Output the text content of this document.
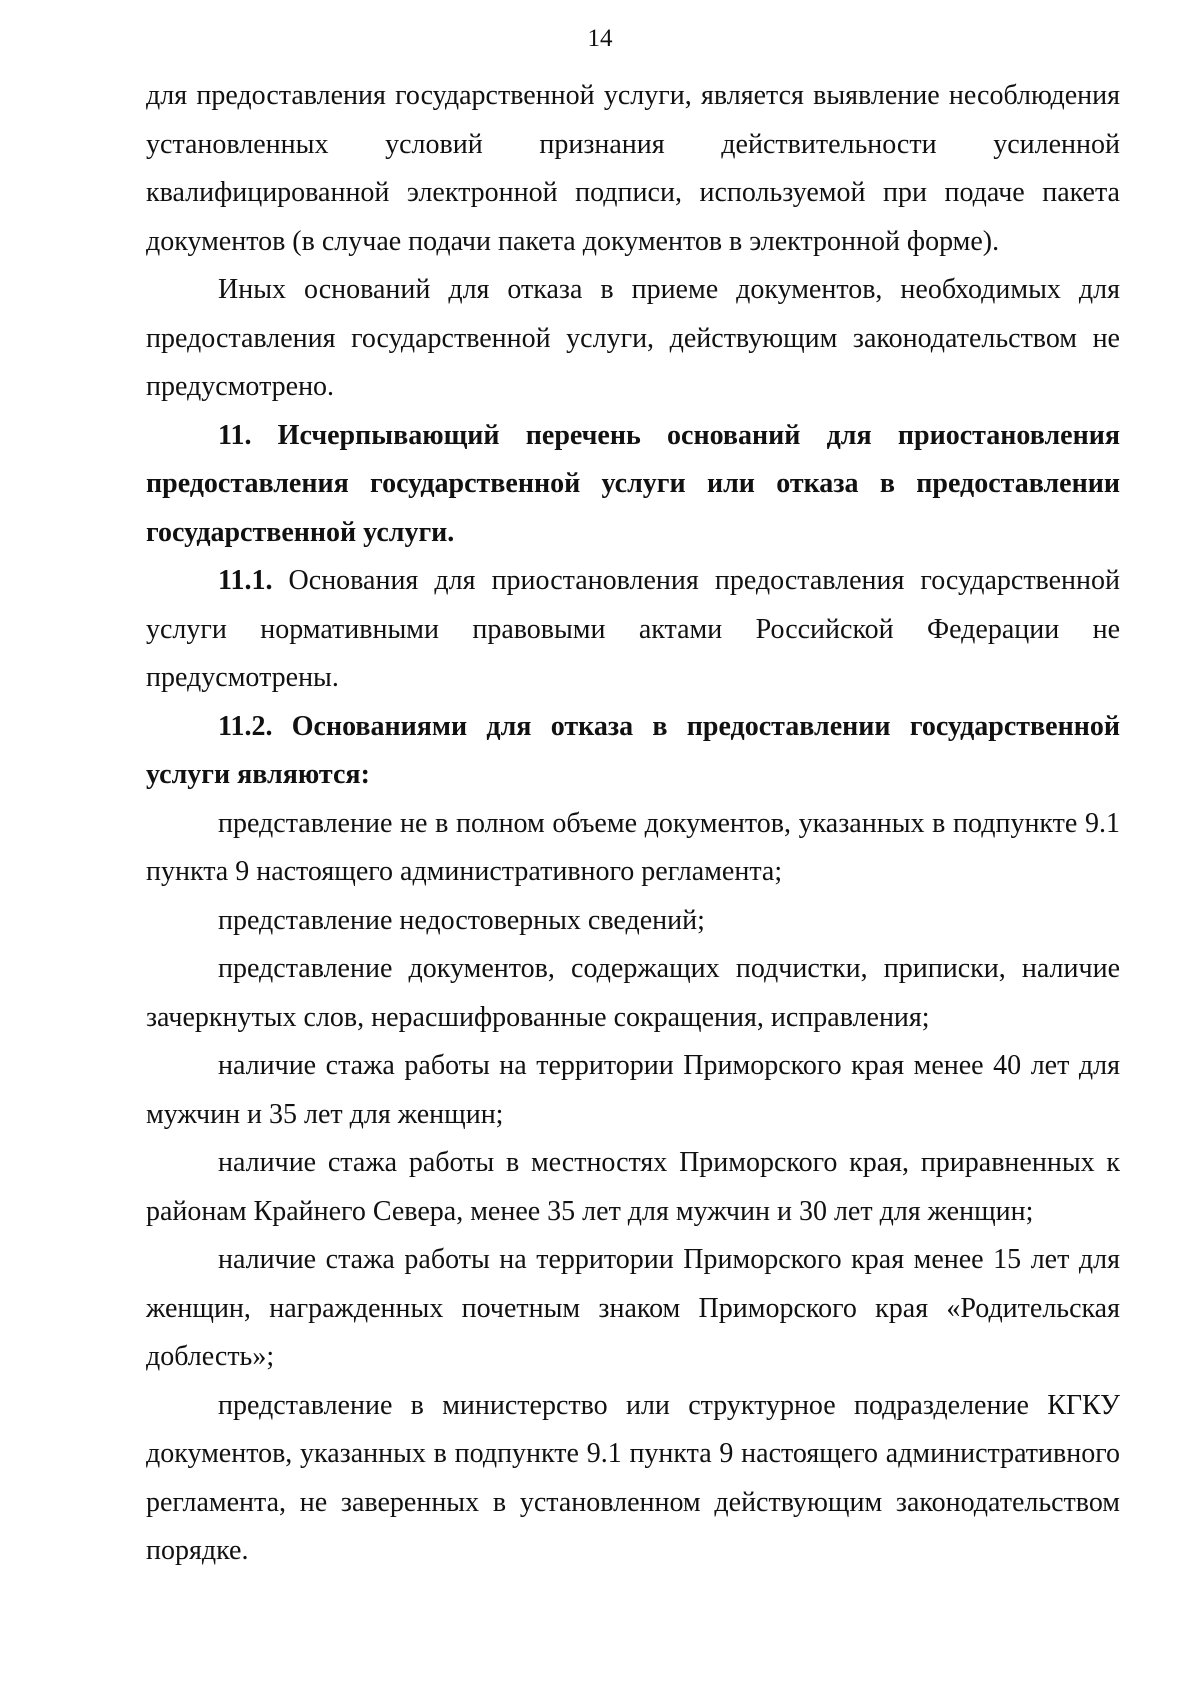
14

для предоставления государственной услуги, является выявление несоблюдения установленных условий признания действительности усиленной квалифицированной электронной подписи, используемой при подаче пакета документов (в случае подачи пакета документов в электронной форме).

Иных оснований для отказа в приеме документов, необходимых для предоставления государственной услуги, действующим законодательством не предусмотрено.

11. Исчерпывающий перечень оснований для приостановления предоставления государственной услуги или отказа в предоставлении государственной услуги.

11.1. Основания для приостановления предоставления государственной услуги нормативными правовыми актами Российской Федерации не предусмотрены.

11.2. Основаниями для отказа в предоставлении государственной услуги являются:

представление не в полном объеме документов, указанных в подпункте 9.1 пункта 9 настоящего административного регламента;

представление недостоверных сведений;

представление документов, содержащих подчистки, приписки, наличие зачеркнутых слов, нерасшифрованные сокращения, исправления;

наличие стажа работы на территории Приморского края менее 40 лет для мужчин и 35 лет для женщин;

наличие стажа работы в местностях Приморского края, приравненных к районам Крайнего Севера, менее 35 лет для мужчин и 30 лет для женщин;

наличие стажа работы на территории Приморского края менее 15 лет для женщин, награжденных почетным знаком Приморского края «Родительская доблесть»;

представление в министерство или структурное подразделение КГКУ документов, указанных в подпункте 9.1 пункта 9 настоящего административного регламента, не заверенных в установленном действующим законодательством порядке.
